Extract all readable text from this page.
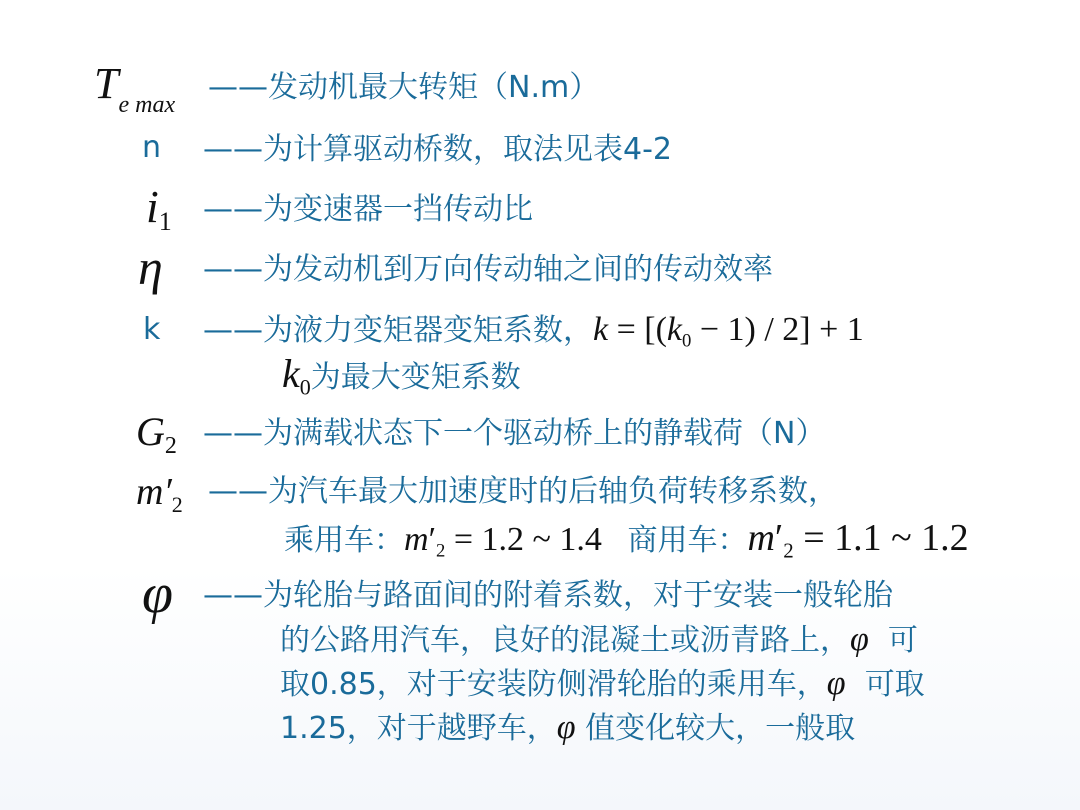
$T_{e max}$ ——发动机最大转矩（N.m）
n ——为计算驱动桥数，取法见表4-2
$i_1$ ——为变速器一挡传动比
η ——为发动机到万向传动轴之间的传动效率
k ——为液力变矩器变矩系数，$k = [(k_0 - 1) / 2] + 1$
$k_0$为最大变矩系数
$G_2$ ——为满载状态下一个驱动桥上的静载荷（N）
$m'_2$ ——为汽车最大加速度时的后轴负荷转移系数，
乘用车：$m'_2 = 1.2$ ~ 1.4 商用车：$m'_2 = 1.1$ ~ 1.2
φ ——为轮胎与路面间的附着系数，对于安装一般轮胎
的公路用汽车，良好的混凝土或沥青路上，φ 可
取0.85，对于安装防侧滑轮胎的乘用车，φ 可取
1.25，对于越野车，φ 值变化较大，一般取
